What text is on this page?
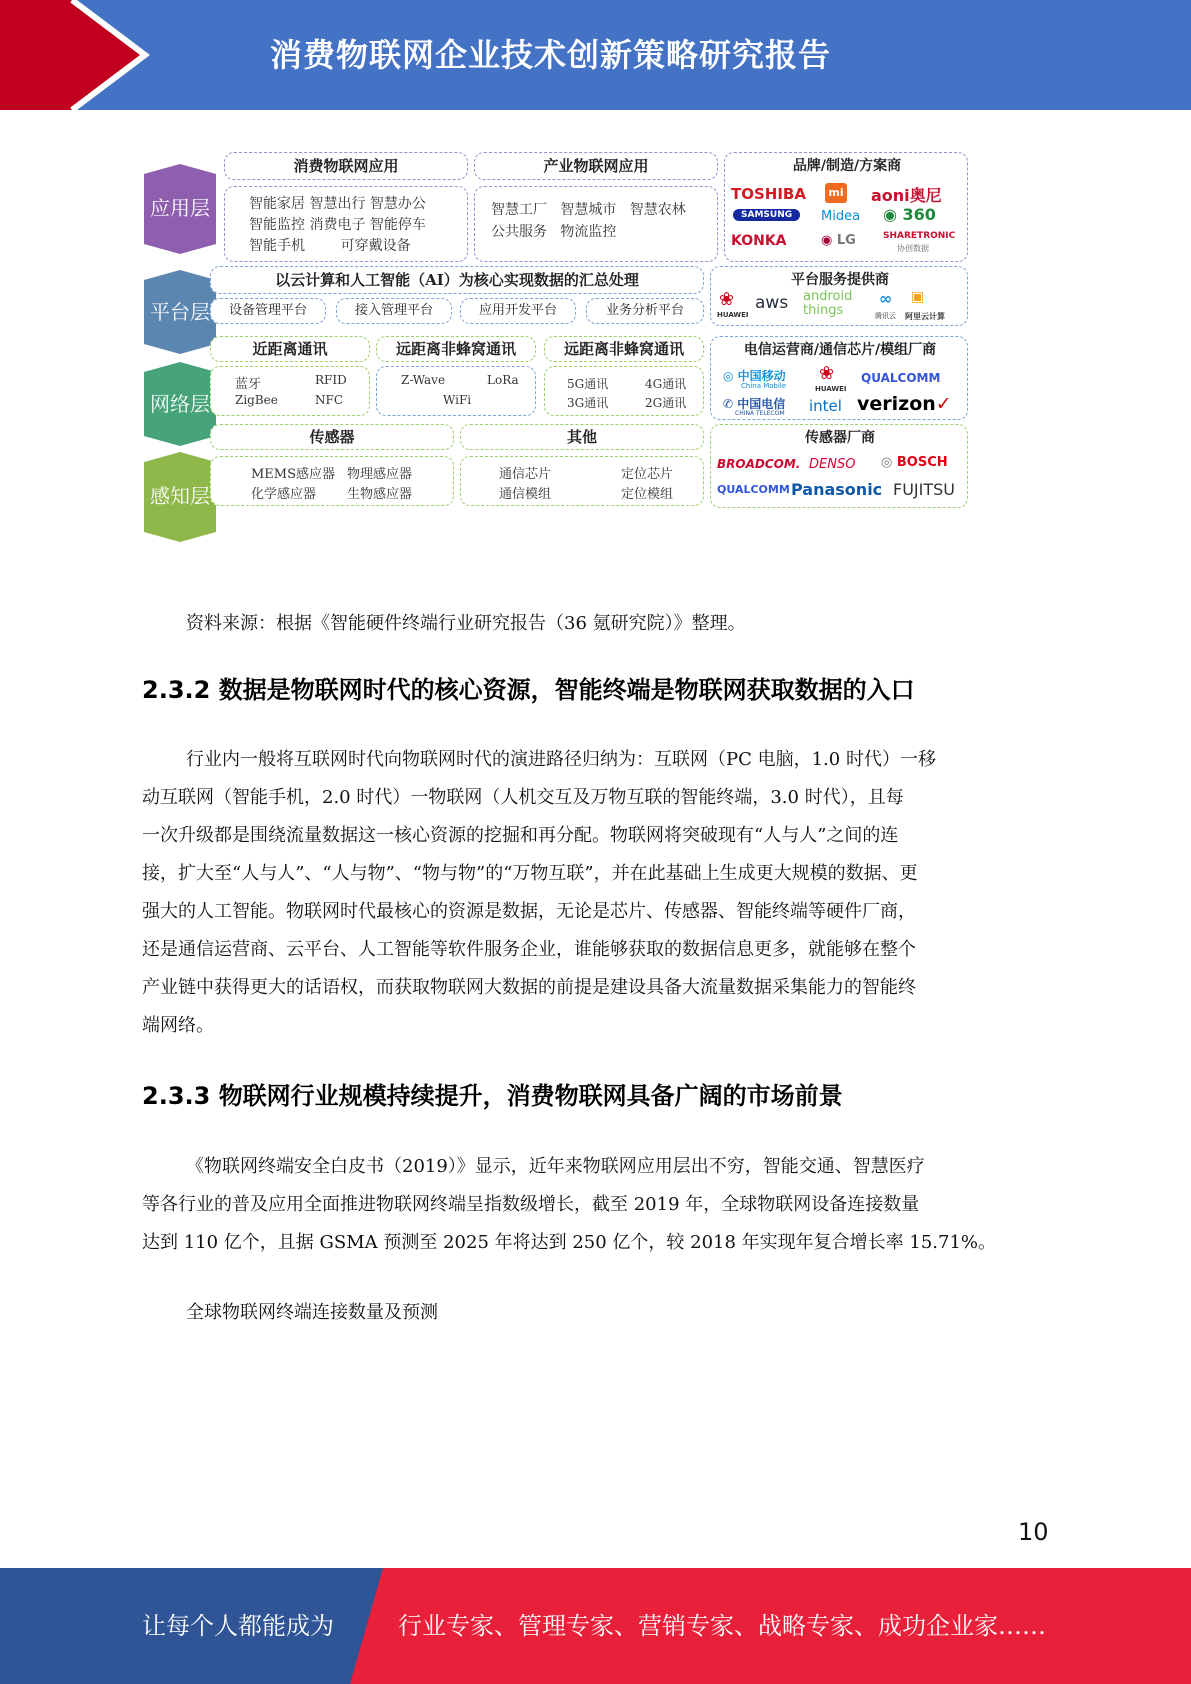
消费物联网企业技术创新策略研究报告
应用层
平台层
网络层
感知层
消费物联网应用
智能家居 智慧出行 智慧办公
智能监控 消费电子 智能停车
智能手机        可穿戴设备
产业物联网应用
智慧工厂   智慧城市   智慧农林
公共服务   物流监控
品牌/制造/方案商
TOSHIBA	mi aoni奥尼
SAMSUNG	Midea ◉ 360
KONKA	◉ LG	SHARETRONIC
协创数据
以云计算和人工智能（AI）为核心实现数据的汇总处理
设备管理平台	接入管理平台	应用开发平台	业务分析平台
平台服务提供商
❀
HUAWEI
aws android things
∞
腾讯云
▣
阿里云计算
近距离通讯
蓝牙	RFID
ZigBee	NFC
远距离非蜂窝通讯
Z-Wave	LoRa
WiFi
远距离非蜂窝通讯
5G通讯	4G通讯
3G通讯	2G通讯
电信运营商/通信芯片/模组厂商
◎ 中国移动
China Mobile
❀
HUAWEI
QUALCOMM
✆ 中国电信
CHINA TELECOM intel verizon✓
传感器
MEMS感应器 物理感应器
化学感应器 生物感应器
其他
通信芯片	定位芯片
通信模组	定位模组
传感器厂商
BROADCOM. DENSO ◎ BOSCH
QUALCOMM Panasonic FUJITSU
资料来源：根据《智能硬件终端行业研究报告（36 氪研究院）》整理。
2.3.2 数据是物联网时代的核心资源，智能终端是物联网获取数据的入口
行业内一般将互联网时代向物联网时代的演进路径归纳为：互联网（PC 电脑，1.0 时代）一移
动互联网（智能手机，2.0 时代）一物联网（人机交互及万物互联的智能终端，3.0 时代），且每
一次升级都是围绕流量数据这一核心资源的挖掘和再分配。物联网将突破现有“人与人”之间的连
接，扩大至“人与人”、“人与物”、“物与物”的“万物互联”，并在此基础上生成更大规模的数据、更
强大的人工智能。物联网时代最核心的资源是数据，无论是芯片、传感器、智能终端等硬件厂商，
还是通信运营商、云平台、人工智能等软件服务企业，谁能够获取的数据信息更多，就能够在整个
产业链中获得更大的话语权，而获取物联网大数据的前提是建设具备大流量数据采集能力的智能终
端网络。
2.3.3 物联网行业规模持续提升，消费物联网具备广阔的市场前景
《物联网终端安全白皮书（2019）》显示，近年来物联网应用层出不穷，智能交通、智慧医疗
等各行业的普及应用全面推进物联网终端呈指数级增长，截至 2019 年，全球物联网设备连接数量
达到 110 亿个，且据 GSMA 预测至 2025 年将达到 250 亿个，较 2018 年实现年复合增长率 15.71%。
全球物联网终端连接数量及预测
10
让每个人都能成为	行业专家、管理专家、营销专家、战略专家、成功企业家……
